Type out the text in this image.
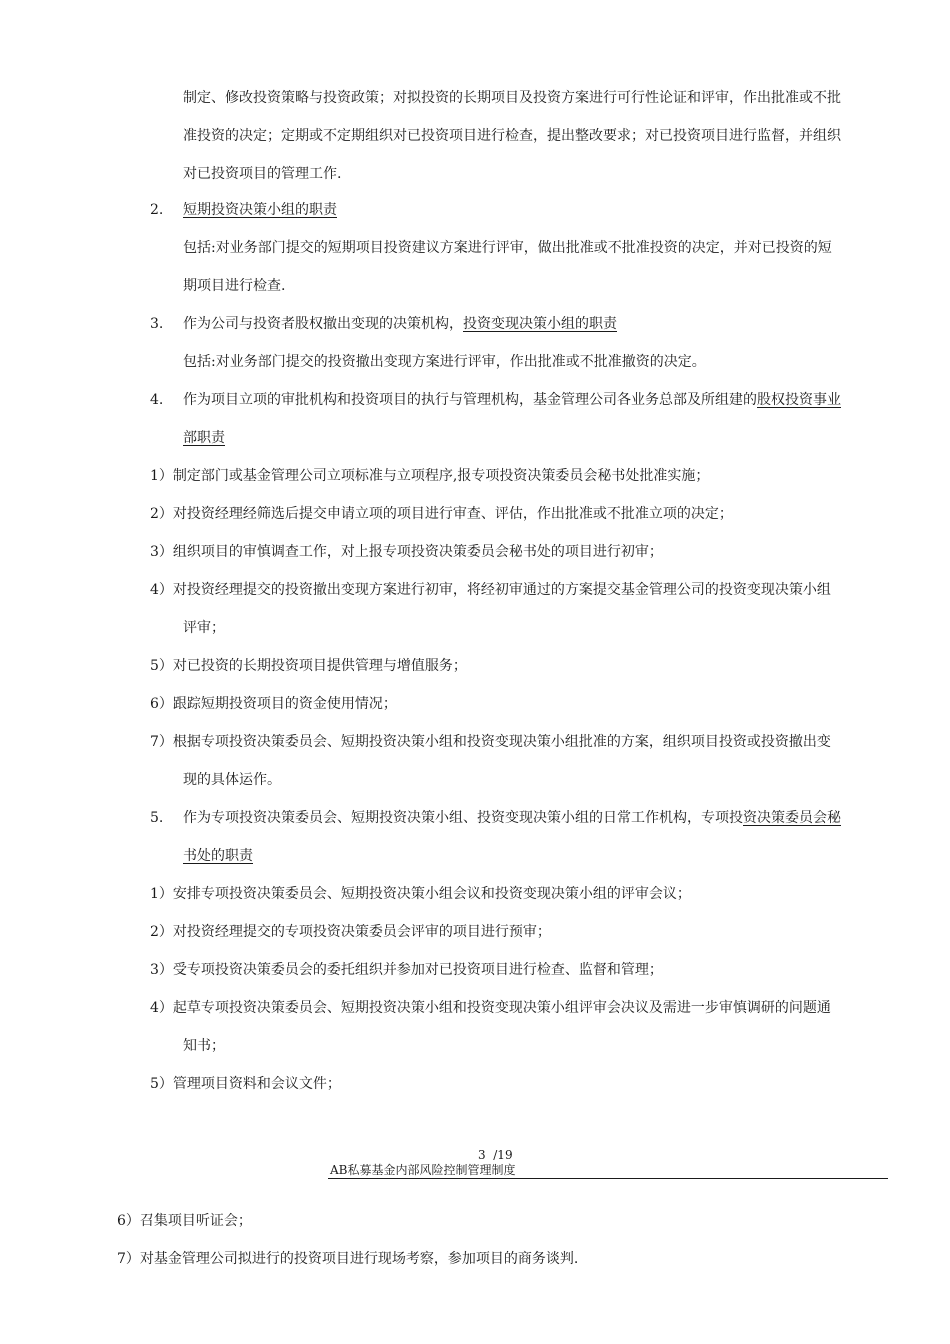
制定、修改投资策略与投资政策；对拟投资的长期项目及投资方案进行可行性论证和评审，作出批准或不批
准投资的决定；定期或不定期组织对已投资项目进行检查，提出整改要求；对已投资项目进行监督，并组织
对已投资项目的管理工作.
2. 短期投资决策小组的职责
包括:对业务部门提交的短期项目投资建议方案进行评审，做出批准或不批准投资的决定，并对已投资的短
期项目进行检查.
3. 作为公司与投资者股权撤出变现的决策机构，投资变现决策小组的职责
包括:对业务部门提交的投资撤出变现方案进行评审，作出批准或不批准撤资的决定。
4. 作为项目立项的审批机构和投资项目的执行与管理机构，基金管理公司各业务总部及所组建的股权投资事业
部职责
1）制定部门或基金管理公司立项标准与立项程序,报专项投资决策委员会秘书处批准实施；
2）对投资经理经筛选后提交申请立项的项目进行审查、评估，作出批准或不批准立项的决定；
3）组织项目的审慎调查工作，对上报专项投资决策委员会秘书处的项目进行初审；
4）对投资经理提交的投资撤出变现方案进行初审，将经初审通过的方案提交基金管理公司的投资变现决策小组
评审；
5）对已投资的长期投资项目提供管理与增值服务；
6）跟踪短期投资项目的资金使用情况；
7）根据专项投资决策委员会、短期投资决策小组和投资变现决策小组批准的方案，组织项目投资或投资撤出变
现的具体运作。
5. 作为专项投资决策委员会、短期投资决策小组、投资变现决策小组的日常工作机构，专项投资决策委员会秘
书处的职责
1）安排专项投资决策委员会、短期投资决策小组会议和投资变现决策小组的评审会议；
2）对投资经理提交的专项投资决策委员会评审的项目进行预审；
3）受专项投资决策委员会的委托组织并参加对已投资项目进行检查、监督和管理；
4）起草专项投资决策委员会、短期投资决策小组和投资变现决策小组评审会决议及需进一步审慎调研的问题通
知书；
5）管理项目资料和会议文件；
3  /19
AB私募基金内部风险控制管理制度
6）召集项目听证会；
7）对基金管理公司拟进行的投资项目进行现场考察，参加项目的商务谈判.
